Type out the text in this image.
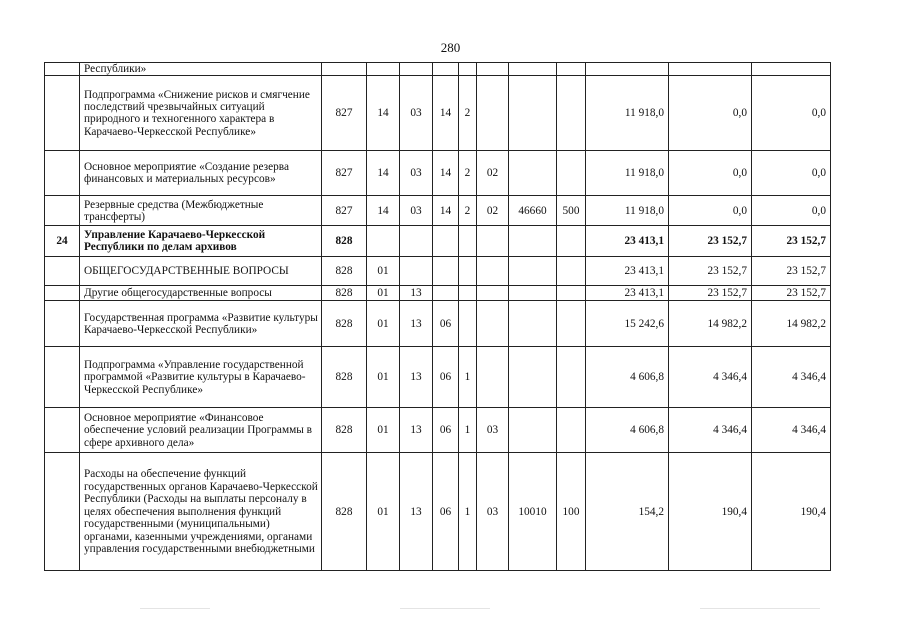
280
	Республики»											
	Подпрограмма «Снижение рисков и смягчение последствий чрезвычайных ситуаций природного и техногенного характера в Карачаево-Черкесской Республике»	827	14	03	14	2				11 918,0	0,0	0,0
	Основное мероприятие «Создание резерва финансовых и материальных ресурсов»	827	14	03	14	2	02			11 918,0	0,0	0,0
	Резервные средства (Межбюджетные трансферты)	827	14	03	14	2	02	46660	500	11 918,0	0,0	0,0
24	Управление Карачаево-Черкесской Республики по делам архивов	828								23 413,1	23 152,7	23 152,7
	ОБЩЕГОСУДАРСТВЕННЫЕ ВОПРОСЫ	828	01							23 413,1	23 152,7	23 152,7
	Другие общегосударственные вопросы	828	01	13						23 413,1	23 152,7	23 152,7
	Государственная программа «Развитие культуры Карачаево-Черкесской Республики»	828	01	13	06					15 242,6	14 982,2	14 982,2
	Подпрограмма «Управление государственной программой «Развитие культуры в Карачаево-Черкесской Республике»	828	01	13	06	1				4 606,8	4 346,4	4 346,4
	Основное мероприятие «Финансовое обеспечение условий реализации Программы в сфере архивного дела»	828	01	13	06	1	03			4 606,8	4 346,4	4 346,4
	Расходы на обеспечение функций государственных органов Карачаево-Черкесской Республики (Расходы на выплаты персоналу в целях обеспечения выполнения функций государственными (муниципальными) органами, казенными учреждениями, органами управления государственными внебюджетными	828	01	13	06	1	03	10010	100	154,2	190,4	190,4
